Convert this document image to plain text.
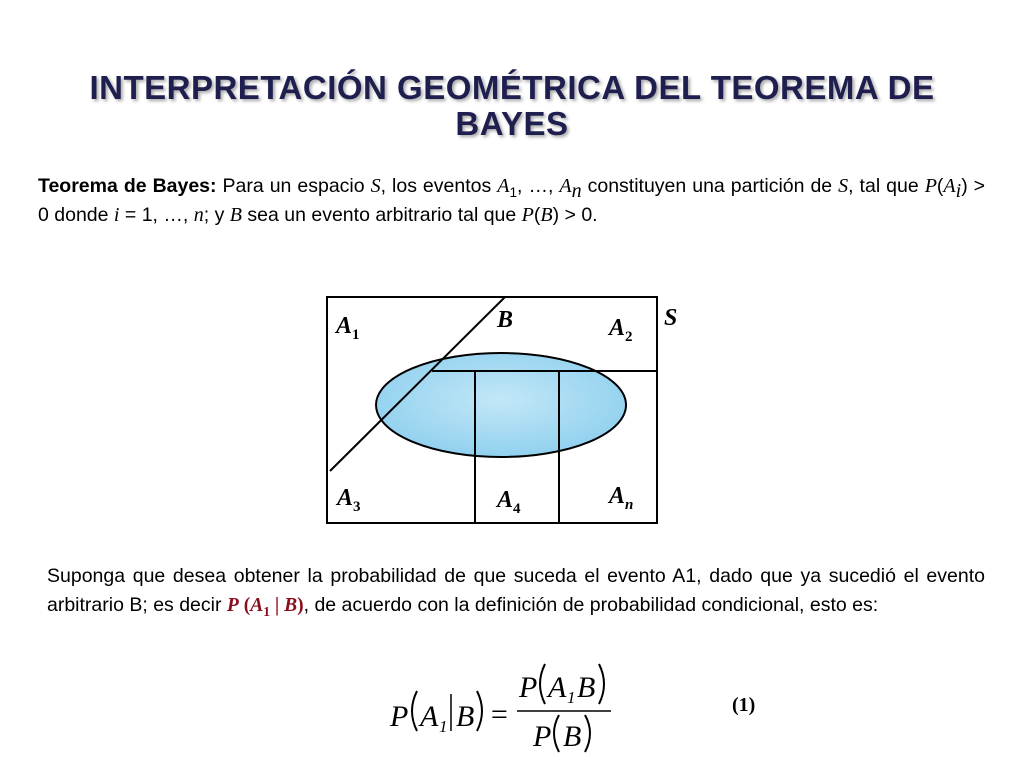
INTERPRETACIÓN GEOMÉTRICA DEL TEOREMA DE BAYES
Teorema de Bayes: Para un espacio S, los eventos $A_1$, …, $A_n$ constituyen una partición de S, tal que $P(A_i) > 0$ donde i = 1, …, n; y B sea un evento arbitrario tal que P(B) > 0.
S
B
$A_1$	$A_2$
$A_3$	$A_4$	$A_n$
Suponga que desea obtener la probabilidad de que suceda el evento A1, dado que ya sucedió el evento arbitrario B; es decir P ($A_1$ | B), de acuerdo con la definición de probabilidad condicional, esto es:
P A 1 B =
P A 1 B
P B
(1)
